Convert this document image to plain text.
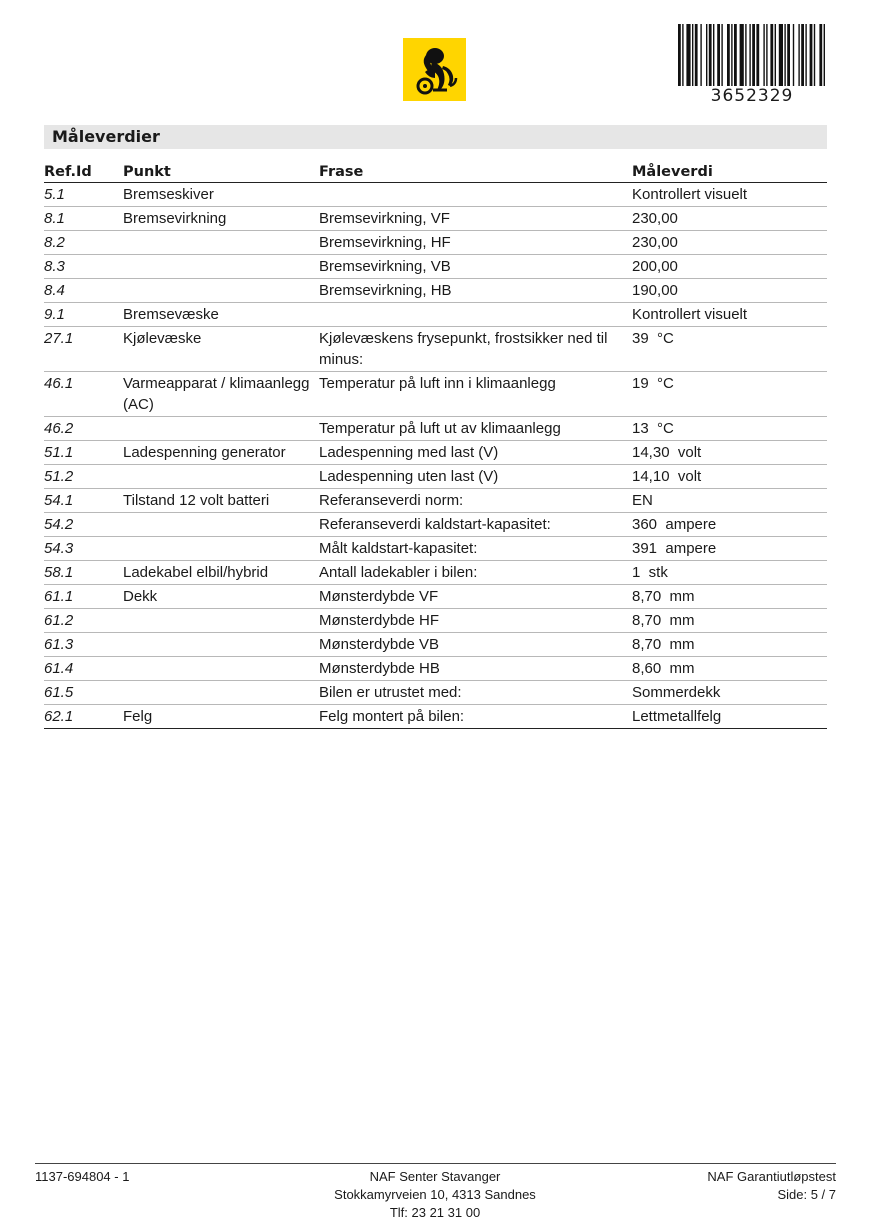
3652329
Måleverdier
Ref.Id	Punkt	Frase	Måleverdi
5.1	Bremseskiver		Kontrollert visuelt
8.1	Bremsevirkning	Bremsevirkning, VF	230,00
8.2		Bremsevirkning, HF	230,00
8.3		Bremsevirkning, VB	200,00
8.4		Bremsevirkning, HB	190,00
9.1	Bremsevæske		Kontrollert visuelt
27.1	Kjølevæske	Kjølevæskens frysepunkt, frostsikker ned til minus:	39  °C
46.1	Varmeapparat / klimaanlegg (AC)	Temperatur på luft inn i klimaanlegg	19  °C
46.2		Temperatur på luft ut av klimaanlegg	13  °C
51.1	Ladespenning generator	Ladespenning med last (V)	14,30  volt
51.2		Ladespenning uten last (V)	14,10  volt
54.1	Tilstand 12 volt batteri	Referanseverdi norm:	EN
54.2		Referanseverdi kaldstart-kapasitet:	360  ampere
54.3		Målt kaldstart-kapasitet:	391  ampere
58.1	Ladekabel elbil/hybrid	Antall ladekabler i bilen:	1  stk
61.1	Dekk	Mønsterdybde VF	8,70  mm
61.2		Mønsterdybde HF	8,70  mm
61.3		Mønsterdybde VB	8,70  mm
61.4		Mønsterdybde HB	8,60  mm
61.5		Bilen er utrustet med:	Sommerdekk
62.1	Felg	Felg montert på bilen:	Lettmetallfelg
1137-694804 - 1	NAF Senter Stavanger
Stokkamyrveien 10, 4313 Sandnes
Tlf: 23 21 31 00
NAF Garantiutløpstest
Side: 5 / 7
